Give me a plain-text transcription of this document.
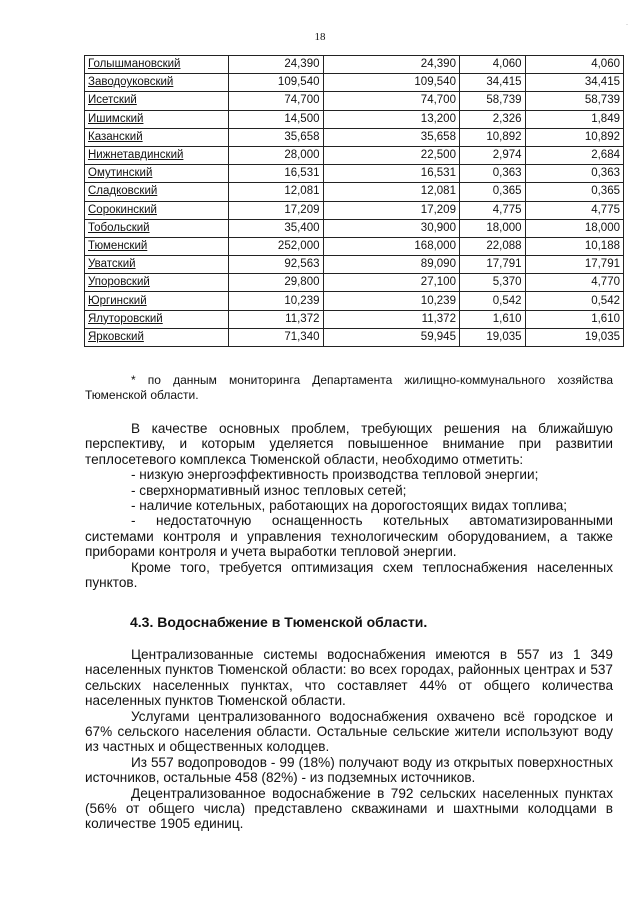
18
·
Голышмановский	24,390	24,390	4,060	4,060
Заводоуковский	109,540	109,540	34,415	34,415
Исетский	74,700	74,700	58,739	58,739
Ишимский	14,500	13,200	2,326	1,849
Казанский	35,658	35,658	10,892	10,892
Нижнетавдинский	28,000	22,500	2,974	2,684
Омутинский	16,531	16,531	0,363	0,363
Сладковский	12,081	12,081	0,365	0,365
Сорокинский	17,209	17,209	4,775	4,775
Тобольский	35,400	30,900	18,000	18,000
Тюменский	252,000	168,000	22,088	10,188
Уватский	92,563	89,090	17,791	17,791
Упоровский	29,800	27,100	5,370	4,770
Юргинский	10,239	10,239	0,542	0,542
Ялуторовский	11,372	11,372	1,610	1,610
Ярковский	71,340	59,945	19,035	19,035

* по данным мониторинга Департамента жилищно-коммунального хозяйства Тюменской области.

В качестве основных проблем, требующих решения на ближайшую перспективу, и которым уделяется повышенное внимание при развитии теплосетевого комплекса Тюменской области, необходимо отметить:

- низкую энергоэффективность производства тепловой энергии;

- сверхнормативный износ тепловых сетей;

- наличие котельных, работающих на дорогостоящих видах топлива;

- недостаточную оснащенность котельных автоматизированными системами контроля и управления технологическим оборудованием, а также приборами контроля и учета выработки тепловой энергии.

Кроме того, требуется оптимизация схем теплоснабжения населенных пунктов.

4.3. Водоснабжение в Тюменской области.

Централизованные системы водоснабжения имеются в 557 из 1 349 населенных пунктов Тюменской области: во всех городах, районных центрах и 537 сельских населенных пунктах, что составляет 44% от общего количества населенных пунктов Тюменской области.

Услугами централизованного водоснабжения охвачено всё городское и 67% сельского населения области. Остальные сельские жители используют воду из частных и общественных колодцев.

Из 557 водопроводов - 99 (18%) получают воду из открытых поверхностных источников, остальные 458 (82%) - из подземных источников.

Децентрализованное водоснабжение в 792 сельских населенных пунктах (56% от общего числа) представлено скважинами и шахтными колодцами в количестве 1905 единиц.
